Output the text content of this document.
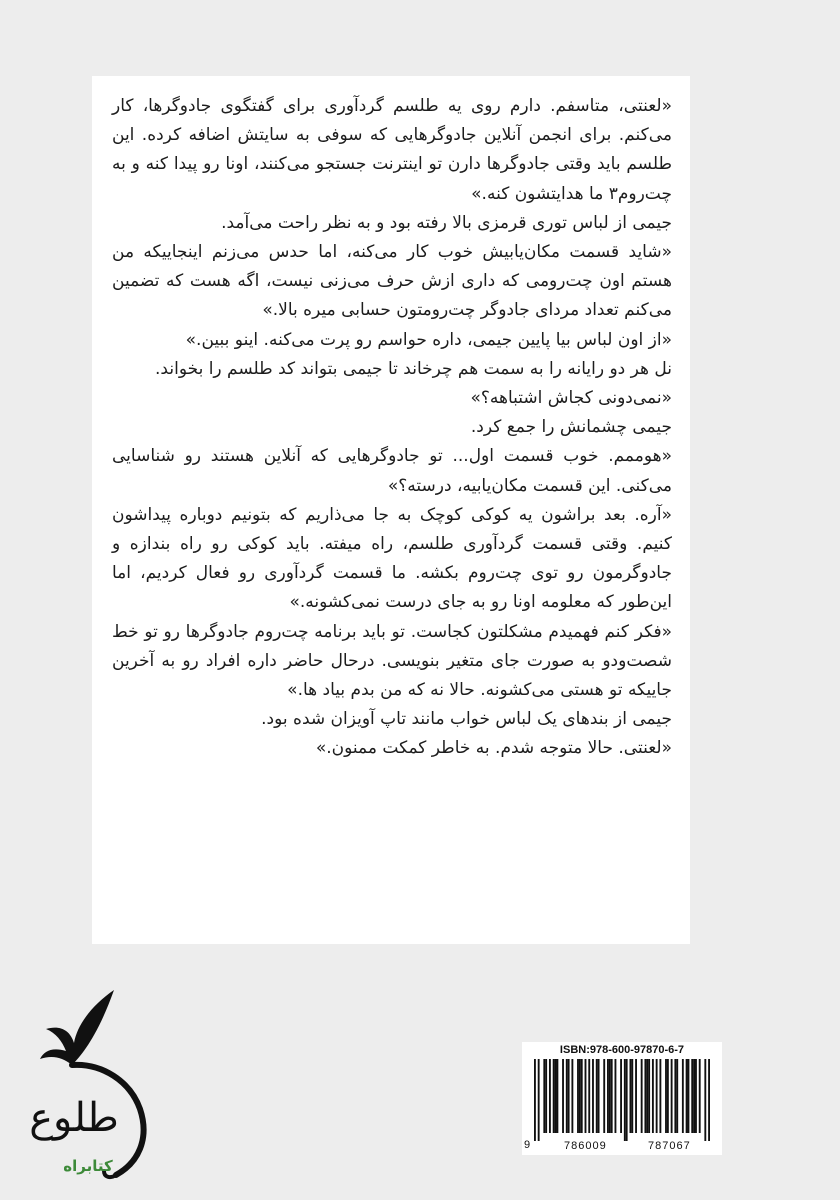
«لعنتی، متاسفم. دارم روی یه طلسم گردآوری برای گفتگوی جادوگرها، کار می‌کنم. برای انجمن آنلاین جادوگرهایی که سوفی به سایتش اضافه کرده. این طلسم باید وقتی جادوگرها دارن تو اینترنت جستجو می‌کنند، اونا رو پیدا کنه و به چت‌روم۳ ما هدایتشون کنه.»

جیمی از لباس توری قرمزی بالا رفته بود و به نظر راحت می‌آمد.

«شاید قسمت مکان‌یابیش خوب کار می‌کنه، اما حدس می‌زنم اینجاییکه من هستم اون چت‌رومی که داری ازش حرف می‌زنی نیست، اگه هست که تضمین می‌کنم تعداد مردای جادوگر چت‌رومتون حسابی میره بالا.»

«از اون لباس بیا پایین جیمی، داره حواسم رو پرت می‌کنه. اینو ببین.»

نل هر دو رایانه را به سمت هم چرخاند تا جیمی بتواند کد طلسم را بخواند.

«نمی‌دونی کجاش اشتباهه؟»

جیمی چشمانش را جمع کرد.

«هوممم. خوب قسمت اول... تو جادوگرهایی که آنلاین هستند رو شناسایی می‌کنی. این قسمت مکان‌یابیه، درسته؟»

«آره. بعد براشون یه کوکی کوچک به جا می‌ذاریم که بتونیم دوباره پیداشون کنیم. وقتی قسمت گردآوری طلسم، راه میفته. باید کوکی رو راه بندازه و جادوگرمون رو توی چت‌روم بکشه. ما قسمت گردآوری رو فعال کردیم، اما این‌طور که معلومه اونا رو به جای درست نمی‌کشونه.»

«فکر کنم فهمیدم مشکلتون کجاست. تو باید برنامه چت‌روم جادوگرها رو تو خط شصت‌ودو به صورت جای متغیر بنویسی. درحال حاضر داره افراد رو به آخرین جاییکه تو هستی می‌کشونه. حالا نه که من بدم بیاد ها.»

جیمی از بندهای یک لباس خواب مانند تاپ آویزان شده بود.

«لعنتی. حالا متوجه شدم. به خاطر کمکت ممنون.»

طلوع
کتابراه
ISBN:978-600-97870-6-7
9	786009	787067
